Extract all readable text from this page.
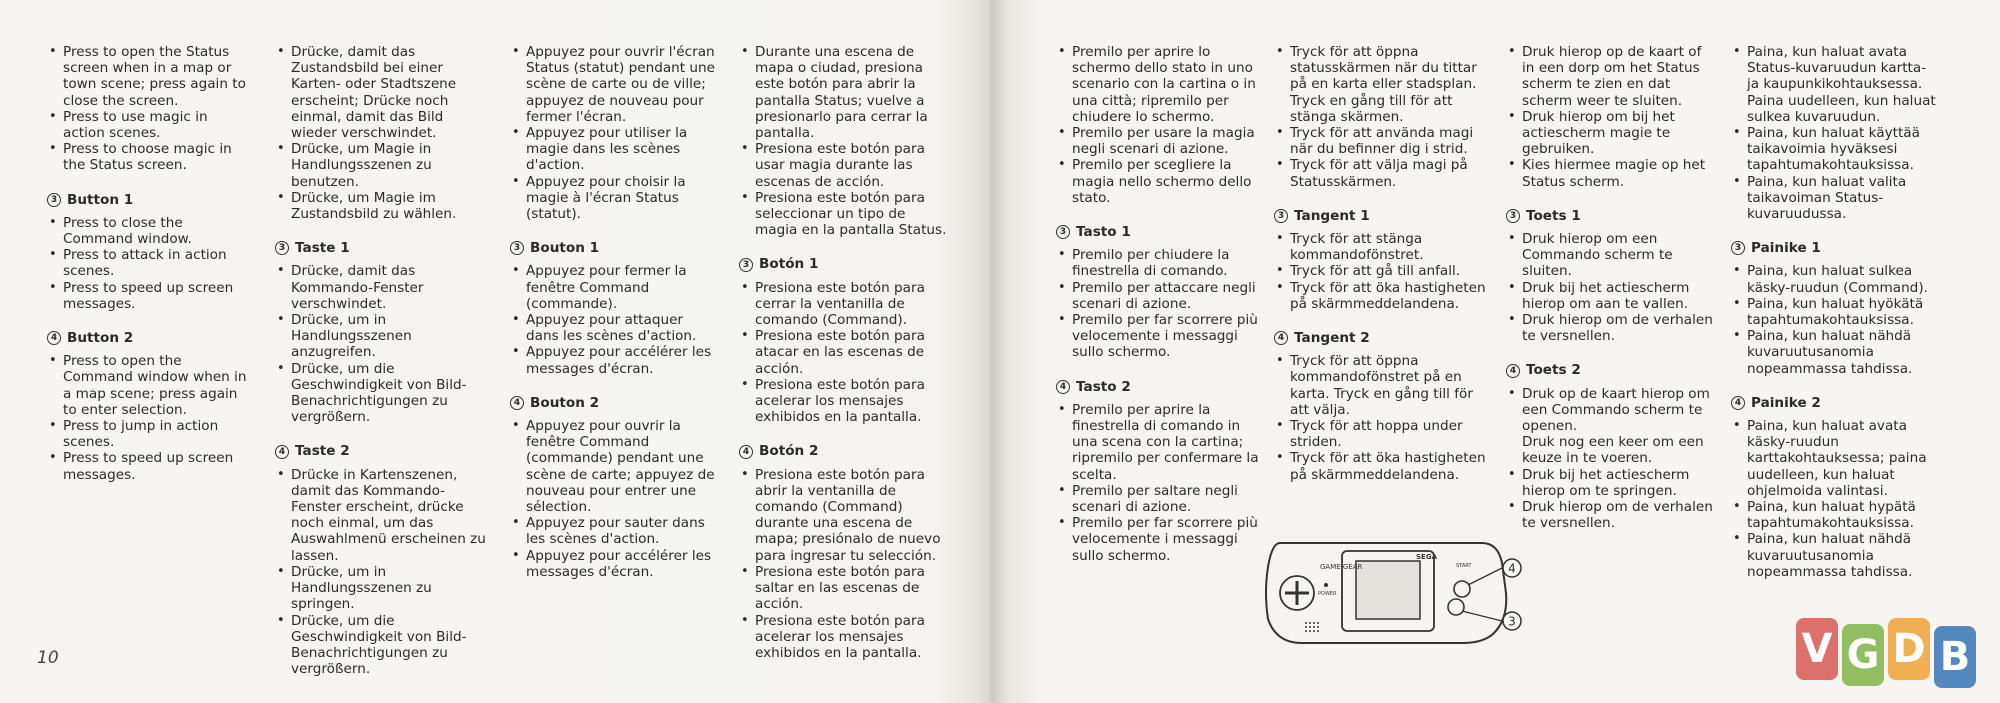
• Press to open the Status screen when in a map or town scene; press again to close the screen.
• Press to use magic in action scenes.
• Press to choose magic in the Status screen.
3 Button 1
• Press to close the Command window.
• Press to attack in action scenes.
• Press to speed up screen messages.
4 Button 2
• Press to open the Command window when in a map scene; press again to enter selection.
• Press to jump in action scenes.
• Press to speed up screen messages.
• Drücke, damit das Zustandsbild bei einer Karten- oder Stadtszene erscheint; Drücke noch einmal, damit das Bild wieder verschwindet.
• Drücke, um Magie in Handlungsszenen zu benutzen.
• Drücke, um Magie im Zustandsbild zu wählen.
3 Taste 1
• Drücke, damit das Kommando-Fenster verschwindet.
• Drücke, um in Handlungsszenen anzugreifen.
• Drücke, um die Geschwindigkeit von Bild-Benachrichtigungen zu vergrößern.
4 Taste 2
• Drücke in Kartenszenen, damit das Kommando-Fenster erscheint, drücke noch einmal, um das Auswahlmenü erscheinen zu lassen.
• Drücke, um in Handlungsszenen zu springen.
• Drücke, um die Geschwindigkeit von Bild-Benachrichtigungen zu vergrößern.
• Appuyez pour ouvrir l'écran Status (statut) pendant une scène de carte ou de ville; appuyez de nouveau pour fermer l'écran.
• Appuyez pour utiliser la magie dans les scènes d'action.
• Appuyez pour choisir la magie à l'écran Status (statut).
3 Bouton 1
• Appuyez pour fermer la fenêtre Command (commande).
• Appuyez pour attaquer dans les scènes d'action.
• Appuyez pour accélérer les messages d'écran.
4 Bouton 2
• Appuyez pour ouvrir la fenêtre Command (commande) pendant une scène de carte; appuyez de nouveau pour entrer une sélection.
• Appuyez pour sauter dans les scènes d'action.
• Appuyez pour accélérer les messages d'écran.
• Durante una escena de mapa o ciudad, presiona este botón para abrir la pantalla Status; vuelve a presionarlo para cerrar la pantalla.
• Presiona este botón para usar magia durante las escenas de acción.
• Presiona este botón para seleccionar un tipo de magia en la pantalla Status.
3 Botón 1
• Presiona este botón para cerrar la ventanilla de comando (Command).
• Presiona este botón para atacar en las escenas de acción.
• Presiona este botón para acelerar los mensajes exhibidos en la pantalla.
4 Botón 2
• Presiona este botón para abrir la ventanilla de comando (Command) durante una escena de mapa; presiónalo de nuevo para ingresar tu selección.
• Presiona este botón para saltar en las escenas de acción.
• Presiona este botón para acelerar los mensajes exhibidos en la pantalla.
10
• Premilo per aprire lo schermo dello stato in uno scenario con la cartina o in una città; ripremilo per chiudere lo schermo.
• Premilo per usare la magia negli scenari di azione.
• Premilo per scegliere la magia nello schermo dello stato.
3 Tasto 1
• Premilo per chiudere la finestrella di comando.
• Premilo per attaccare negli scenari di azione.
• Premilo per far scorrere più velocemente i messaggi sullo schermo.
4 Tasto 2
• Premilo per aprire la finestrella di comando in una scena con la cartina; ripremilo per confermare la scelta.
• Premilo per saltare negli scenari di azione.
• Premilo per far scorrere più velocemente i messaggi sullo schermo.
• Tryck för att öppna statusskärmen när du tittar på en karta eller stadsplan. Tryck en gång till för att stänga skärmen.
• Tryck för att använda magi när du befinner dig i strid.
• Tryck för att välja magi på Statusskärmen.
3 Tangent 1
• Tryck för att stänga kommandofönstret.
• Tryck för att gå till anfall.
• Tryck för att öka hastigheten på skärmmeddelandena.
4 Tangent 2
• Tryck för att öppna kommandofönstret på en karta. Tryck en gång till för att välja.
• Tryck för att hoppa under striden.
• Tryck för att öka hastigheten på skärmmeddelandena.
• Druk hierop op de kaart of in een dorp om het Status scherm te zien en dat scherm weer te sluiten.
• Druk hierop om bij het actiescherm magie te gebruiken.
• Kies hiermee magie op het Status scherm.
3 Toets 1
• Druk hierop om een Commando scherm te sluiten.
• Druk bij het actiescherm hierop om aan te vallen.
• Druk hierop om de verhalen te versnellen.
4 Toets 2
• Druk op de kaart hierop om een Commando scherm te openen.
Druk nog een keer om een keuze in te voeren.
• Druk bij het actiescherm hierop om te springen.
• Druk hierop om de verhalen te versnellen.
• Paina, kun haluat avata Status-kuvaruudun kartta- ja kaupunkikohtauksessa. Paina uudelleen, kun haluat sulkea kuvaruudun.
• Paina, kun haluat käyttää taikavoimia hyväksesi tapahtumakohtauksissa.
• Paina, kun haluat valita taikavoiman Status-kuvaruudussa.
3 Painike 1
• Paina, kun haluat sulkea käsky-ruudun (Command).
• Paina, kun haluat hyökätä tapahtumakohtauksissa.
• Paina, kun haluat nähdä kuvaruutusanomia nopeammassa tahdissa.
4 Painike 2
• Paina, kun haluat avata käsky-ruudun karttakohtauksessa; paina uudelleen, kun haluat ohjelmoida valintasi.
• Paina, kun haluat hypätä tapahtumakohtauksissa.
• Paina, kun haluat nähdä kuvaruutusanomia nopeammassa tahdissa.
GAME GEAR
POWER
SEGA
START	4
3
V G D B
